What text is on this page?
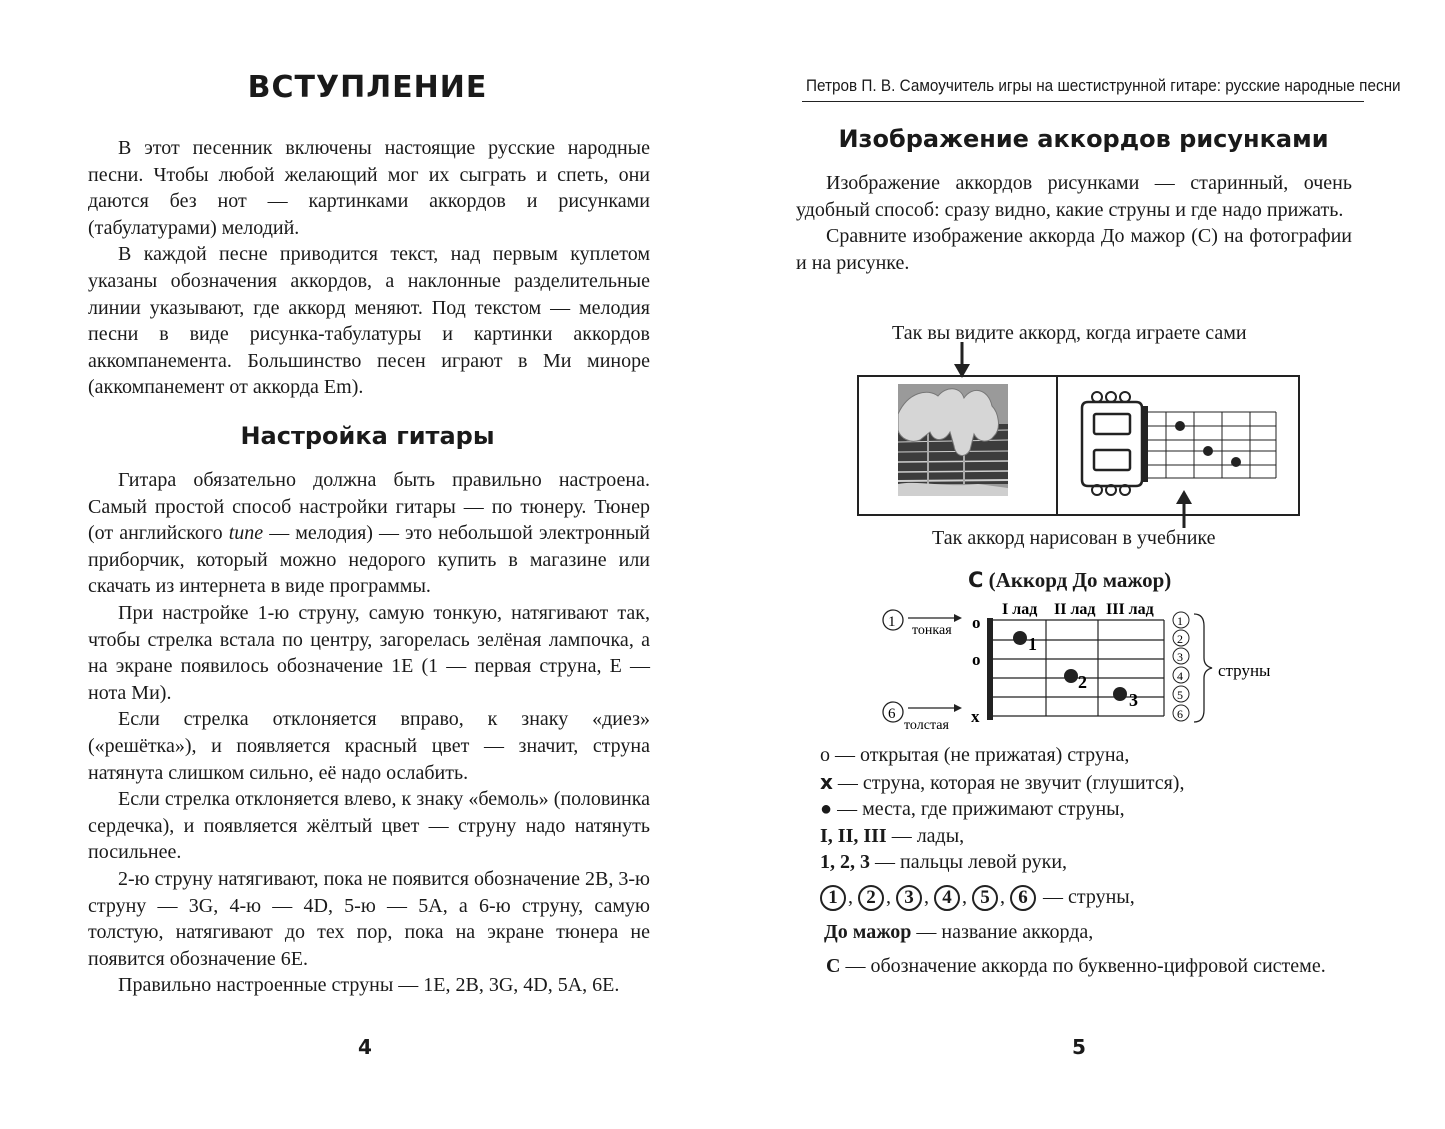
ВСТУПЛЕНИЕ

В этот песенник включены настоящие русские народные песни. Чтобы любой желающий мог их сыграть и спеть, они даются без нот — картинками аккордов и рисунками (табулатурами) мелодий.

В каждой песне приводится текст, над первым куплетом указаны обозначения аккордов, а наклонные разделительные линии указывают, где аккорд меняют. Под текстом — мелодия песни в виде рисунка-табулатуры и картинки аккордов аккомпанемента. Большинство песен играют в Ми миноре (аккомпанемент от аккорда Em).

Настройка гитары

Гитара обязательно должна быть правильно настроена. Самый простой способ настройки гитары — по тюнеру. Тюнер (от английского tune — мелодия) — это небольшой электронный приборчик, который можно недорого купить в магазине или скачать из интернета в виде программы.

При настройке 1-ю струну, самую тонкую, натягивают так, чтобы стрелка встала по центру, загорелась зелёная лампочка, а на экране появилось обозначение 1E (1 — первая струна, E — нота Ми).

Если стрелка отклоняется вправо, к знаку «диез» («решётка»), и появляется красный цвет — значит, струна натянута слишком сильно, её надо ослабить.

Если стрелка отклоняется влево, к знаку «бемоль» (половинка сердечка), и появляется жёлтый цвет — струну надо натянуть посильнее.

2-ю струну натягивают, пока не появится обозначение 2B, 3-ю струну — 3G, 4-ю — 4D, 5-ю — 5A, а 6-ю струну, самую толстую, натягивают до тех пор, пока на экране тюнера не появится обозначение 6E.

Правильно настроенные струны — 1E, 2B, 3G, 4D, 5A, 6E.

4
Петров П. В. Самоучитель игры на шестиструнной гитаре: русские народные песни
Изображение аккордов рисунками

Изображение аккордов рисунками — старинный, очень удобный способ: сразу видно, какие струны и где надо прижать.

Сравните изображение аккорда До мажор (C) на фотографии и на рисунке.

Так вы видите аккорд, когда играете сами
Так аккорд нарисован в учебнике
C (Аккорд До мажор)
I лад II лад III лад
o
o
x
1
2
3
1
тонкая
6
толстая
1
2
3
4
5
6
струны
о — открытая (не прижатая) струна,
x — струна, которая не звучит (глушится),
● — места, где прижимают струны,
I, II, III — лады,
1, 2, 3 — пальцы левой руки,
1 , 2 , 3 , 4 , 5 , 6 — струны,
До мажор — название аккорда,

C — обозначение аккорда по буквенно-цифровой системе.

5
